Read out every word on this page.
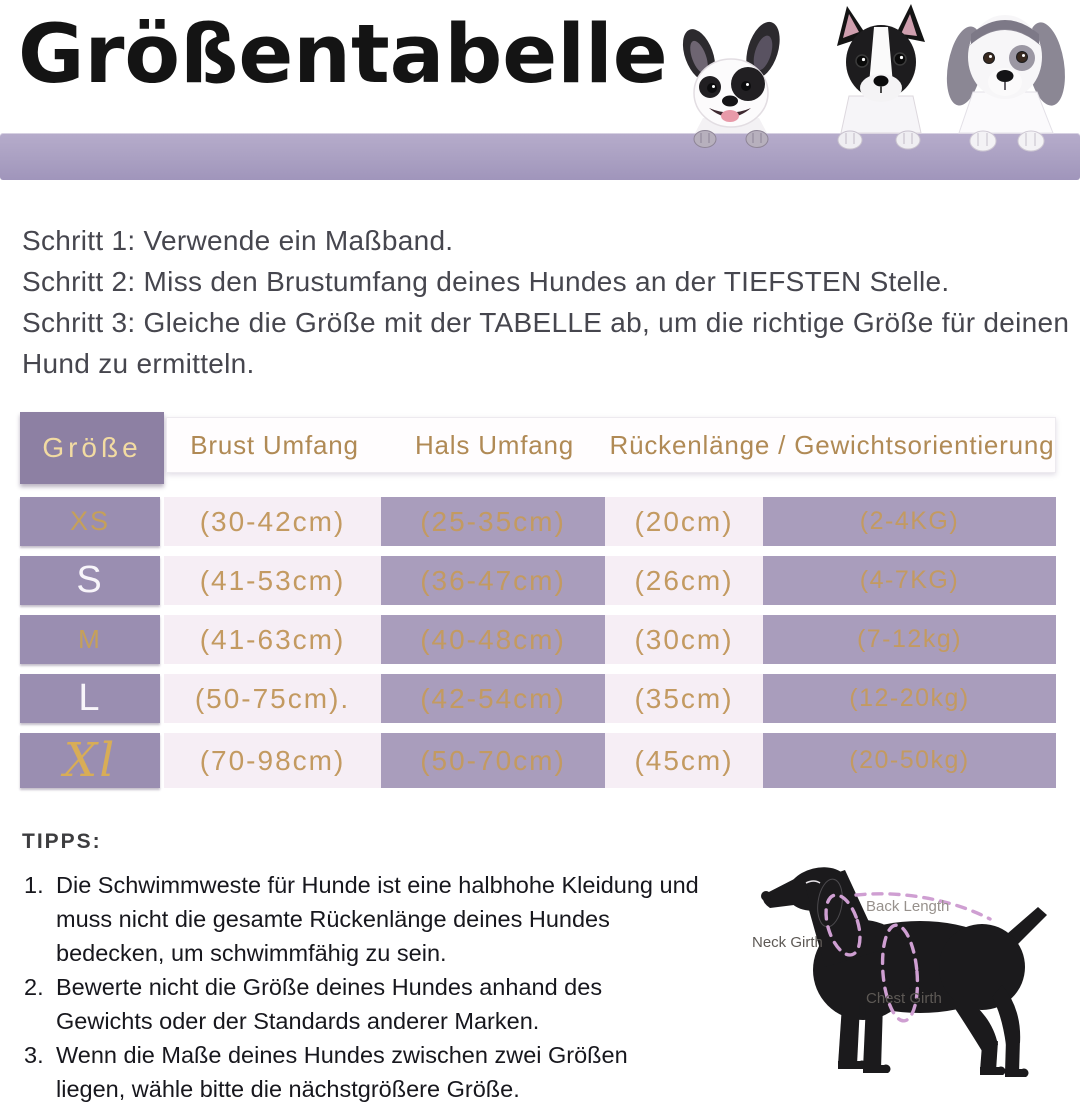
Größentabelle
Schritt 1: Verwende ein Maßband.
Schritt 2: Miss den Brustumfang deines Hundes an der TIEFSTEN Stelle.
Schritt 3: Gleiche die Größe mit der TABELLE ab, um die richtige Größe für deinen Hund zu ermitteln.
Größe	Brust Umfang	Hals Umfang	Rückenlänge / Gewichtsorientierung
XS	(30-42cm)	(25-35cm)	(20cm)	(2-4KG)
S	(41-53cm)	(36-47cm)	(26cm)	(4-7KG)
M	(41-63cm)	(40-48cm)	(30cm)	(7-12kg)
L	(50-75cm).	(42-54cm)	(35cm)	(12-20kg)
Xl	(70-98cm)	(50-70cm)	(45cm)	(20-50kg)
TIPPS:
1. Die Schwimmweste für Hunde ist eine halbhohe Kleidung und muss nicht die gesamte Rückenlänge deines Hundes bedecken, um schwimmfähig zu sein.
2. Bewerte nicht die Größe deines Hundes anhand des Gewichts oder der Standards anderer Marken.
3. Wenn die Maße deines Hundes zwischen zwei Größen liegen, wähle bitte die nächstgrößere Größe.
Back Length
Neck Girth
Chest Girth
